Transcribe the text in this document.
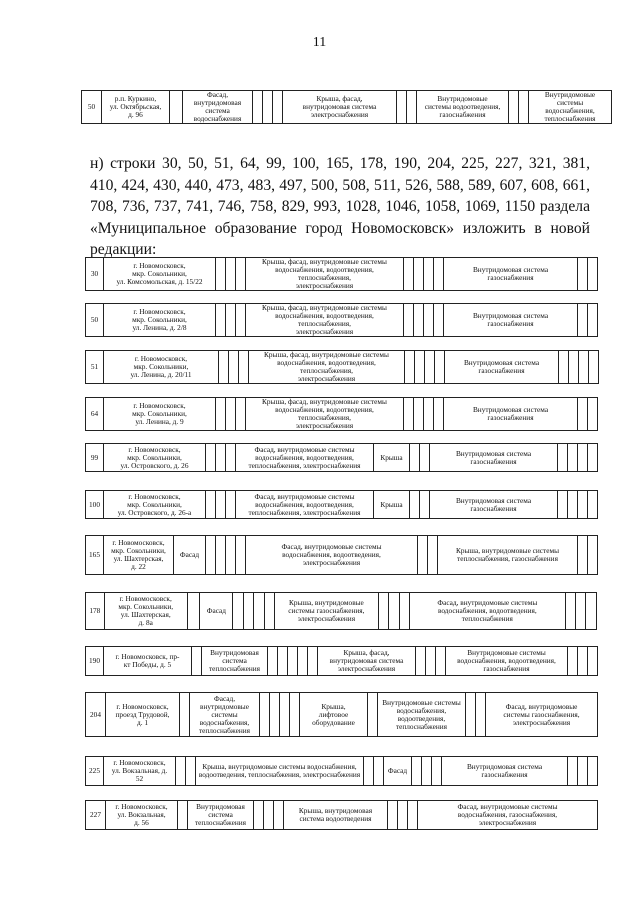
11
50	р.п. Куркино,
ул. Октябрьская,
д. 96		Фасад,
внутридомовая
система
водоснабжения				Крыша, фасад,
внутридомовая система
электроснабжения			Внутридомовые
системы водоотведения,
газоснабжения			Внутридомовые системы
водоснабжения,
теплоснабжения
н) строки 30, 50, 51, 64, 99, 100, 165, 178, 190, 204, 225, 227, 321, 381,
410, 424, 430, 440, 473, 483, 497, 500, 508, 511, 526, 588, 589, 607, 608, 661,
708, 736, 737, 741, 746, 758, 829, 993, 1028, 1046, 1058, 1069, 1150 раздела
«Муниципальное образование город Новомосковск» изложить в новой
редакции:
30	г. Новомосковск,
мкр. Сокольники,
ул. Комсомольская, д. 15/22				Крыша, фасад, внутридомовые системы
водоснабжения, водоотведения, теплоснабжения,
электроснабжения					Внутридомовая система
газоснабжения		
50	г. Новомосковск,
мкр. Сокольники,
ул. Ленина, д. 2/8				Крыша, фасад, внутридомовые системы
водоснабжения, водоотведения, теплоснабжения,
электроснабжения					Внутридомовая система
газоснабжения		
51	г. Новомосковск,
мкр. Сокольники,
ул. Ленина, д. 20/11				Крыша, фасад, внутридомовые системы
водоснабжения, водоотведения, теплоснабжения,
электроснабжения					Внутридомовая система
газоснабжения				
64	г. Новомосковск,
мкр. Сокольники,
ул. Ленина, д. 9				Крыша, фасад, внутридомовые системы
водоснабжения, водоотведения, теплоснабжения,
электроснабжения					Внутридомовая система
газоснабжения		
99	г. Новомосковск,
мкр. Сокольники,
ул. Островского, д. 26				Фасад, внутридомовые системы
водоснабжения, водоотведения,
теплоснабжения, электроснабжения	Крыша			Внутридомовая система
газоснабжения				
100	г. Новомосковск,
мкр. Сокольники,
ул. Островского, д. 26-а				Фасад, внутридомовые системы
водоснабжения, водоотведения,
теплоснабжения, электроснабжения	Крыша			Внутридомовая система
газоснабжения				
165	г. Новомосковск,
мкр. Сокольники,
ул. Шахтерская,
д. 22	Фасад					Фасад, внутридомовые системы
водоснабжения, водоотведения,
электроснабжения			Крыша, внутридомовые системы
теплоснабжения, газоснабжения		
178	г. Новомосковск,
мкр. Сокольники,
ул. Шахтерская,
д. 8а		Фасад					Крыша, внутридомовые
системы газоснабжения,
электроснабжения				Фасад, внутридомовые системы
водоснабжения, водоотведения,
теплоснабжения			
190	г. Новомосковск, пр-
кт Победы, д. 5		Внутридомовая
система
теплоснабжения						Крыша, фасад,
внутридомовая система
электроснабжения				Внутридомовые системы
водоснабжения, водоотведения,
газоснабжения			
204	г. Новомосковск,
проезд Трудовой,
д. 1		Фасад,
внутридомовые
системы
водоснабжения,
теплоснабжения					Крыша,
лифтовое
оборудование		Внутридомовые системы
водоснабжения,
водоотведения,
теплоснабжения			Фасад, внутридомовые
системы газоснабжения,
электроснабжения
225	г. Новомосковск,
ул. Вокзальная, д.
52			Крыша, внутридомовые системы водоснабжения,
водоотведения, теплоснабжения, электроснабжения			Фасад				Внутридомовая система
газоснабжения			
227	г. Новомосковск,
ул. Вокзальная,
д. 56		Внутридомовая
система
теплоснабжения				Крыша, внутридомовая
система водоотведения				Фасад, внутридомовые системы
водоснабжения, газоснабжения,
электроснабжения
